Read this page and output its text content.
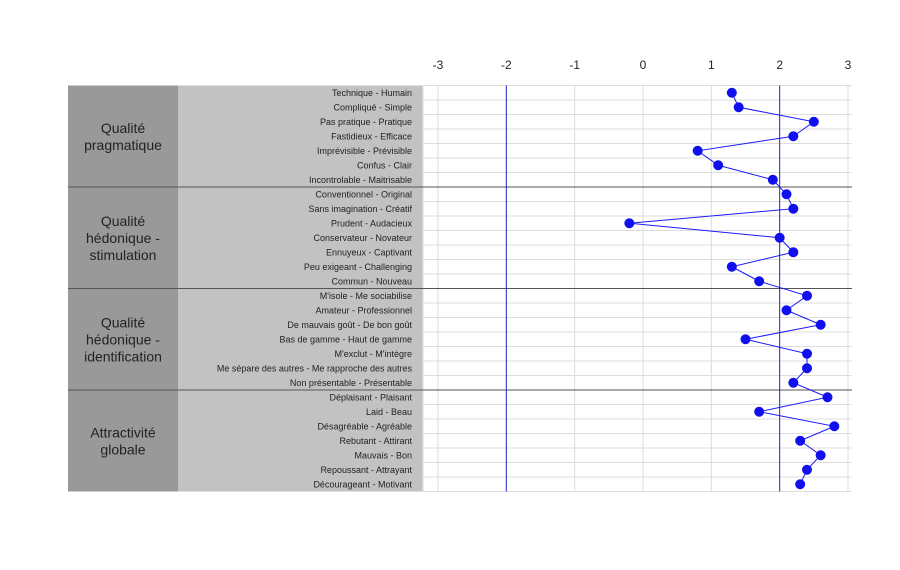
-3	-2	-1	0	1	2	3
Qualité
pragmatique
Technique - Humain
Compliqué - Simple
Pas pratique - Pratique
Fastidieux - Efficace
Imprévisible - Prévisible
Confus - Clair
Incontrolable - Maitrisable
Qualité
hédonique -
stimulation
Conventionnel - Original
Sans imagination - Créatif
Prudent - Audacieux
Conservateur - Novateur
Ennuyeux - Captivant
Peu exigeant - Challenging
Commun - Nouveau
Qualité
hédonique -
identification
M'isole - Me sociabilise
Amateur - Professionnel
De mauvais goût - De bon goût
Bas de gamme - Haut de gamme
M'exclut - M'intègre
Me sépare des autres - Me rapproche des autres
Non présentable - Présentable
Attractivité
globale
Déplaisant - Plaisant
Laid - Beau
Désagréable - Agréable
Rebutant - Attirant
Mauvais - Bon
Repoussant - Attrayant
Décourageant - Motivant
